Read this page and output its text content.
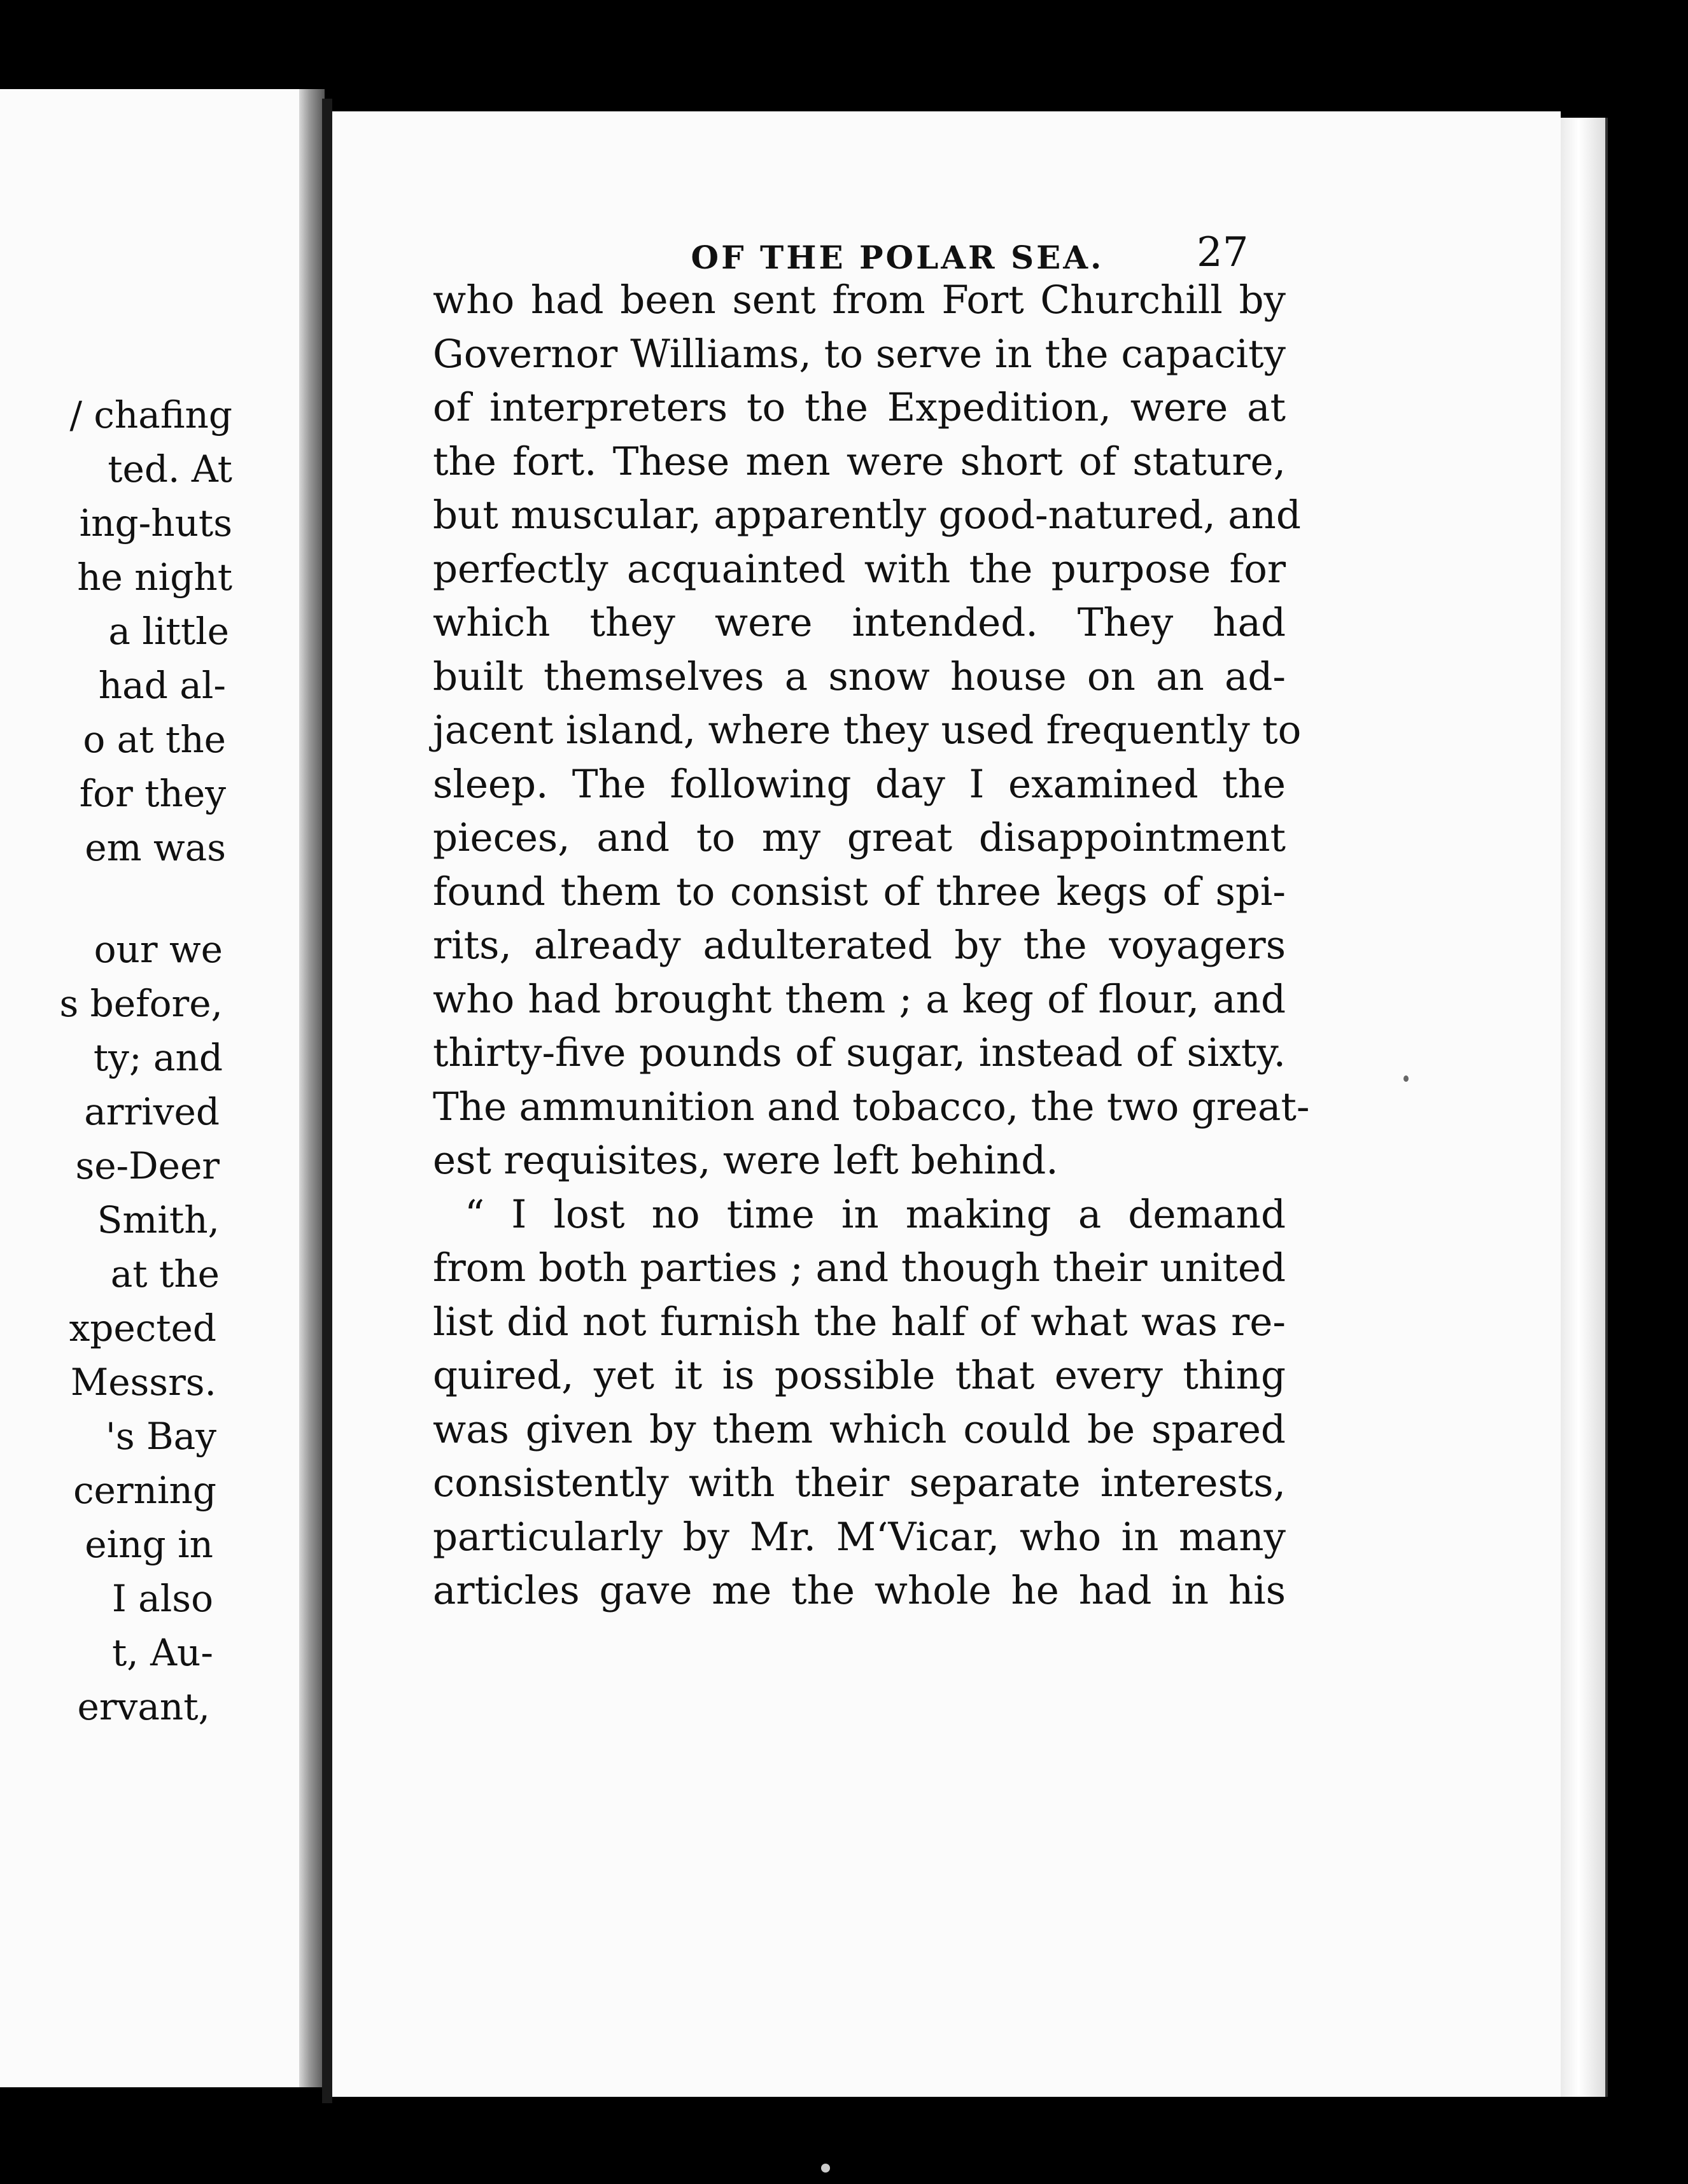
/ chafing
ted. At
ing-huts
he night
a little
had al-
o at the
for they
em was
our we
s before,
ty; and
arrived
se-Deer
Smith,
at the
xpected
Messrs.
's Bay
cerning
eing in
I also
t, Au-
ervant,
OF THE POLAR SEA.	27
who had been sent from Fort Churchill by
Governor Williams, to serve in the capacity
of interpreters to the Expedition, were at
the fort. These men were short of stature,
but muscular, apparently good-natured, and
perfectly acquainted with the purpose for
which they were intended. They had
built themselves a snow house on an ad-
jacent island, where they used frequently to
sleep. The following day I examined the
pieces, and to my great disappointment
found them to consist of three kegs of spi-
rits, already adulterated by the voyagers
who had brought them ; a keg of flour, and
thirty-five pounds of sugar, instead of sixty.
The ammunition and tobacco, the two great-
est requisites, were left behind.
“ I lost no time in making a demand
from both parties ; and though their united
list did not furnish the half of what was re-
quired, yet it is possible that every thing
was given by them which could be spared
consistently with their separate interests,
particularly by Mr. M‘Vicar, who in many
articles gave me the whole he had in his
